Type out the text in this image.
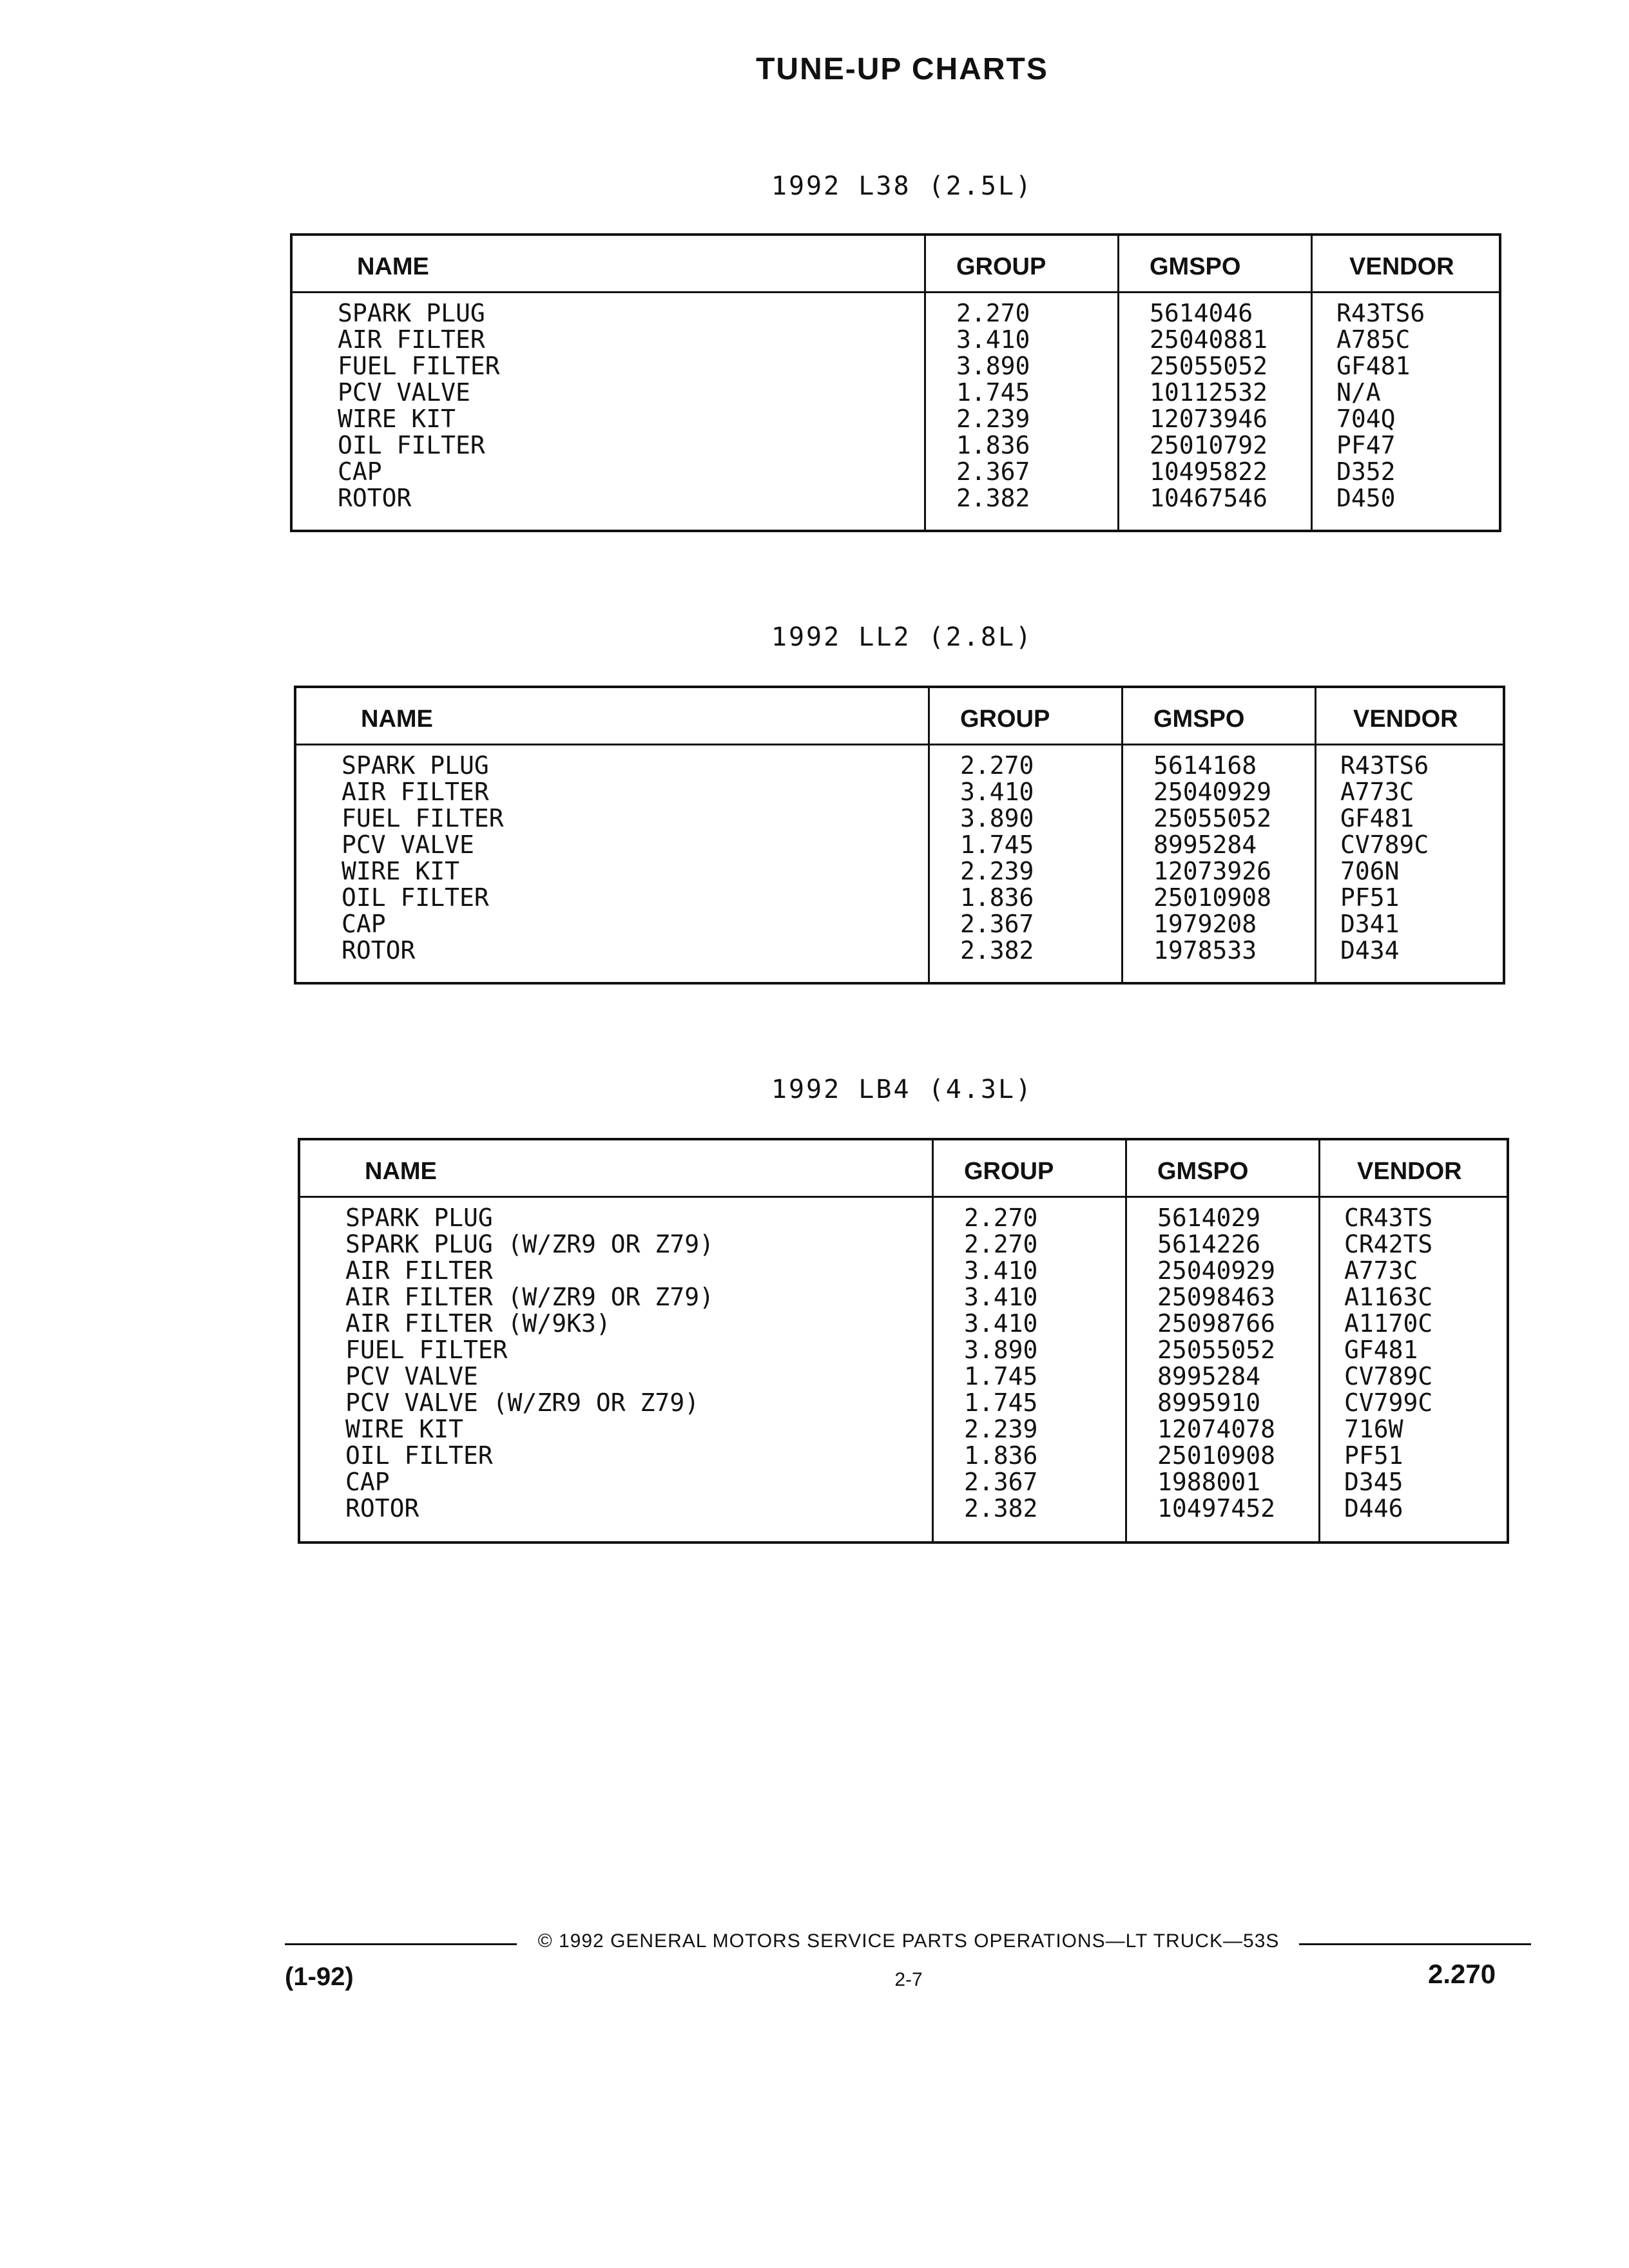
TUNE-UP CHARTS
1992 L38 (2.5L)
NAME	GROUP	GMSPO	VENDOR
SPARK PLUG	2.270	5614046	R43TS6
AIR FILTER	3.410	25040881	A785C
FUEL FILTER	3.890	25055052	GF481
PCV VALVE	1.745	10112532	N/A
WIRE KIT	2.239	12073946	704Q
OIL FILTER	1.836	25010792	PF47
CAP	2.367	10495822	D352
ROTOR	2.382	10467546	D450
1992 LL2 (2.8L)
NAME	GROUP	GMSPO	VENDOR
SPARK PLUG	2.270	5614168	R43TS6
AIR FILTER	3.410	25040929	A773C
FUEL FILTER	3.890	25055052	GF481
PCV VALVE	1.745	8995284	CV789C
WIRE KIT	2.239	12073926	706N
OIL FILTER	1.836	25010908	PF51
CAP	2.367	1979208	D341
ROTOR	2.382	1978533	D434
1992 LB4 (4.3L)
NAME	GROUP	GMSPO	VENDOR
SPARK PLUG	2.270	5614029	CR43TS
SPARK PLUG (W/ZR9 OR Z79)	2.270	5614226	CR42TS
AIR FILTER	3.410	25040929	A773C
AIR FILTER (W/ZR9 OR Z79)	3.410	25098463	A1163C
AIR FILTER (W/9K3)	3.410	25098766	A1170C
FUEL FILTER	3.890	25055052	GF481
PCV VALVE	1.745	8995284	CV789C
PCV VALVE (W/ZR9 OR Z79)	1.745	8995910	CV799C
WIRE KIT	2.239	12074078	716W
OIL FILTER	1.836	25010908	PF51
CAP	2.367	1988001	D345
ROTOR	2.382	10497452	D446
© 1992 GENERAL MOTORS SERVICE PARTS OPERATIONS—LT TRUCK—53S
(1-92)	2-7	2.270
